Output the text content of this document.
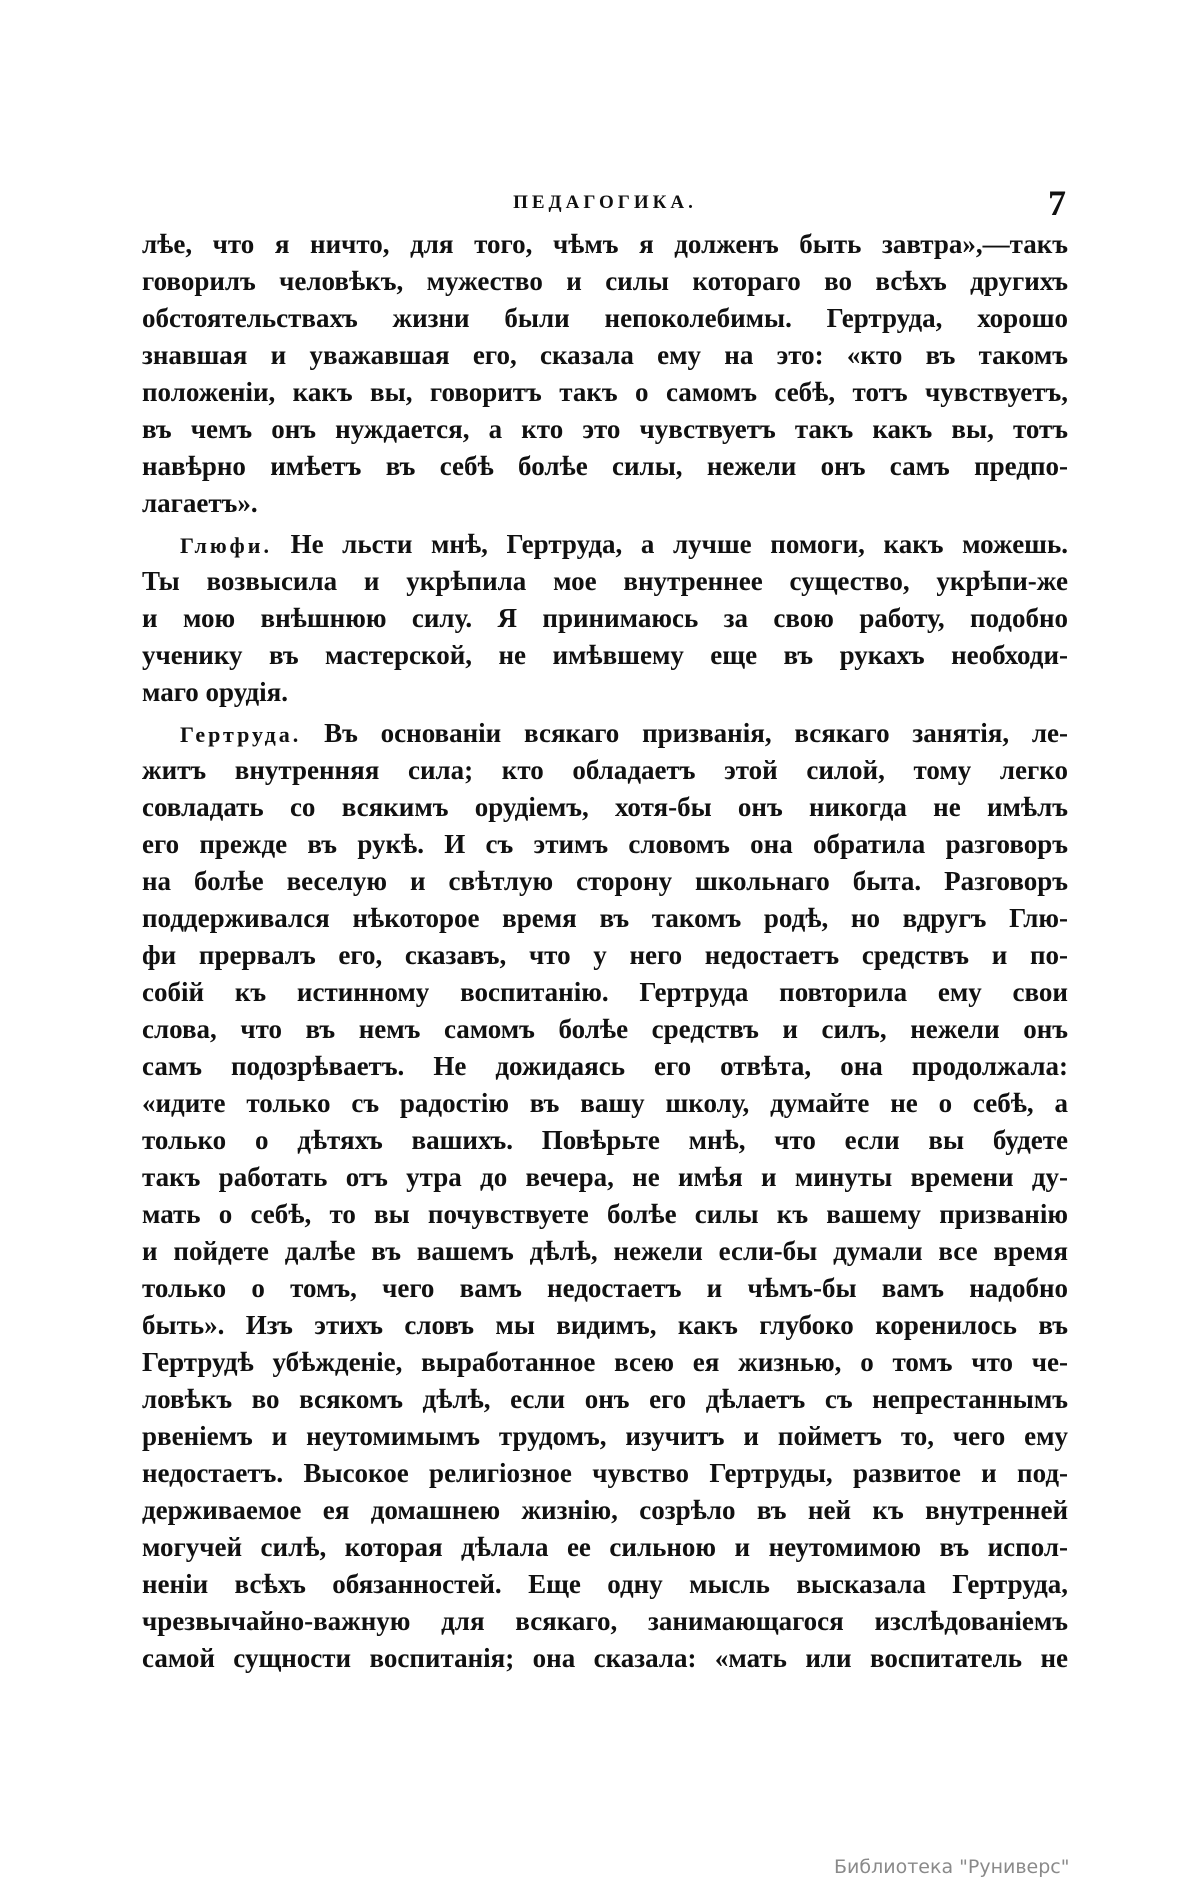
ПЕДАГОГИКА.	7
лѣе, что я ничто, для того, чѣмъ я долженъ быть завтра»,—такъ
говорилъ человѣкъ, мужество и силы котораго во всѣхъ другихъ
обстоятельствахъ жизни были непоколебимы. Гертруда, хорошо
знавшая и уважавшая его, сказала ему на это: «кто въ такомъ
положеніи, какъ вы, говоритъ такъ о самомъ себѣ, тотъ чувствуетъ,
въ чемъ онъ нуждается, а кто это чувствуетъ такъ какъ вы, тотъ
навѣрно имѣетъ въ себѣ болѣе силы, нежели онъ самъ предпо-
лагаетъ».
Глюфи. Не льсти мнѣ, Гертруда, а лучше помоги, какъ можешь.
Ты возвысила и укрѣпила мое внутреннее существо, укрѣпи-же
и мою внѣшнюю силу. Я принимаюсь за свою работу, подобно
ученику въ мастерской, не имѣвшему еще въ рукахъ необходи-
маго орудія.
Гертруда. Въ основаніи всякаго призванія, всякаго занятія, ле-
житъ внутренняя сила; кто обладаетъ этой силой, тому легко
совладать со всякимъ орудіемъ, хотя-бы онъ никогда не имѣлъ
его прежде въ рукѣ. И съ этимъ словомъ она обратила разговоръ
на болѣе веселую и свѣтлую сторону школьнаго быта. Разговоръ
поддерживался нѣкоторое время въ такомъ родѣ, но вдругъ Глю-
фи прервалъ его, сказавъ, что у него недостаетъ средствъ и по-
собій къ истинному воспитанію. Гертруда повторила ему свои
слова, что въ немъ самомъ болѣе средствъ и силъ, нежели онъ
самъ подозрѣваетъ. Не дожидаясь его отвѣта, она продолжала:
«идите только съ радостію въ вашу школу, думайте не о себѣ, а
только о дѣтяхъ вашихъ. Повѣрьте мнѣ, что если вы будете
такъ работать отъ утра до вечера, не имѣя и минуты времени ду-
мать о себѣ, то вы почувствуете болѣе силы къ вашему призванію
и пойдете далѣе въ вашемъ дѣлѣ, нежели если-бы думали все время
только о томъ, чего вамъ недостаетъ и чѣмъ-бы вамъ надобно
быть». Изъ этихъ словъ мы видимъ, какъ глубоко коренилось въ
Гертрудѣ убѣжденіе, выработанное всею ея жизнью, о томъ что че-
ловѣкъ во всякомъ дѣлѣ, если онъ его дѣлаетъ съ непрестаннымъ
рвеніемъ и неутомимымъ трудомъ, изучитъ и пойметъ то, чего ему
недостаетъ. Высокое религіозное чувство Гертруды, развитое и под-
держиваемое ея домашнею жизнію, созрѣло въ ней къ внутренней
могучей силѣ, которая дѣлала ее сильною и неутомимою въ испол-
неніи всѣхъ обязанностей. Еще одну мысль высказала Гертруда,
чрезвычайно-важную для всякаго, занимающагося изслѣдованіемъ
самой сущности воспитанія; она сказала: «мать или воспитатель не
Библиотека "Руниверс"
